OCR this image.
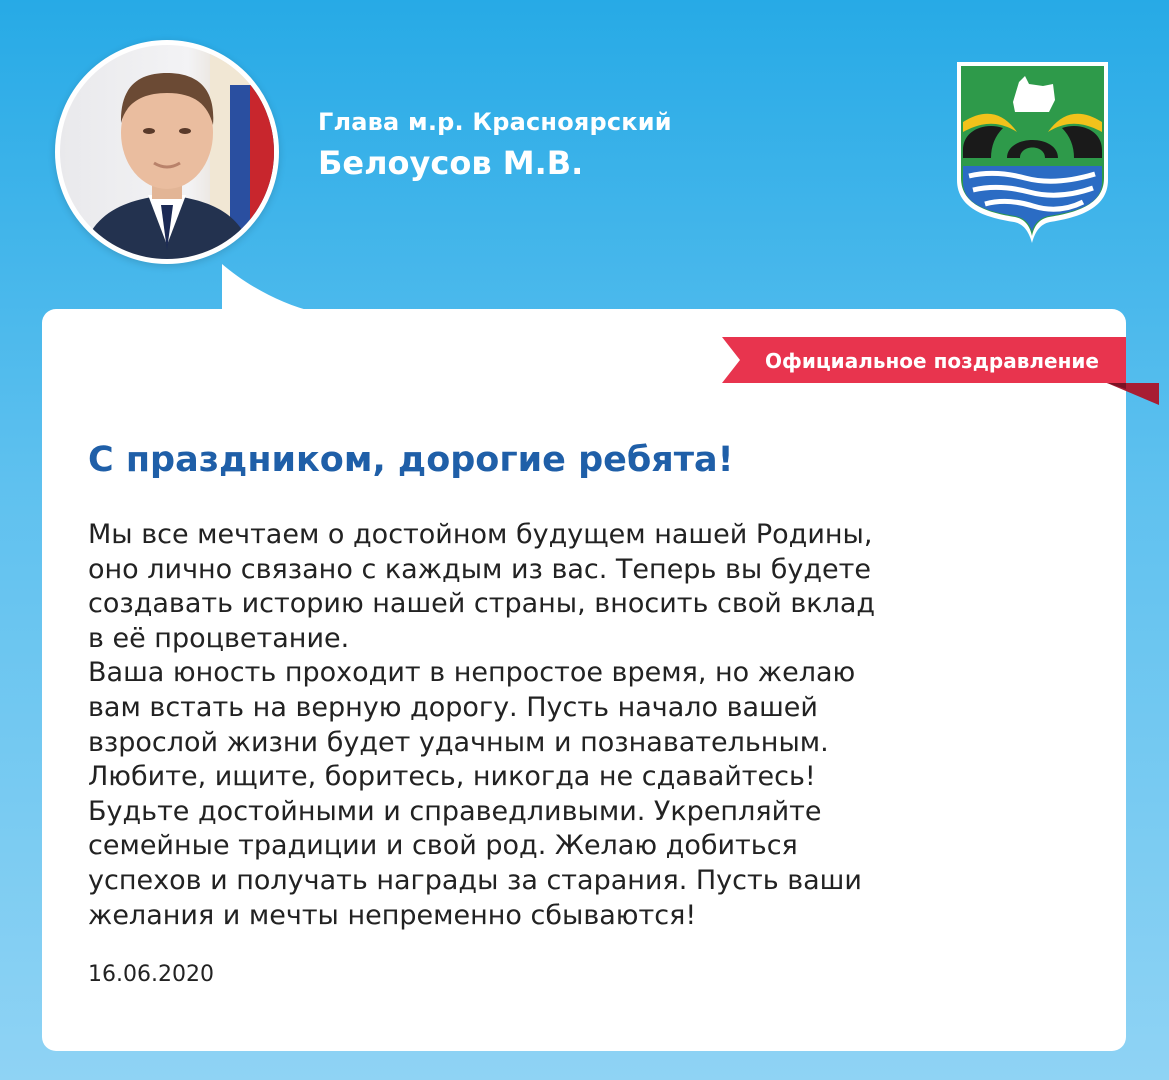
Глава м.р. Красноярский
Белоусов М.В.
Официальное поздравление
С праздником, дорогие ребята!
Мы все мечтаем о достойном будущем нашей Родины,
оно лично связано с каждым из вас. Теперь вы будете
создавать историю нашей страны, вносить свой вклад
в её процветание.
Ваша юность проходит в непростое время, но желаю
вам встать на верную дорогу. Пусть начало вашей
взрослой жизни будет удачным и познавательным.
Любите, ищите, боритесь, никогда не сдавайтесь!
Будьте достойными и справедливыми. Укрепляйте
семейные традиции и свой род. Желаю добиться
успехов и получать награды за старания. Пусть ваши
желания и мечты непременно сбываются!
16.06.2020
